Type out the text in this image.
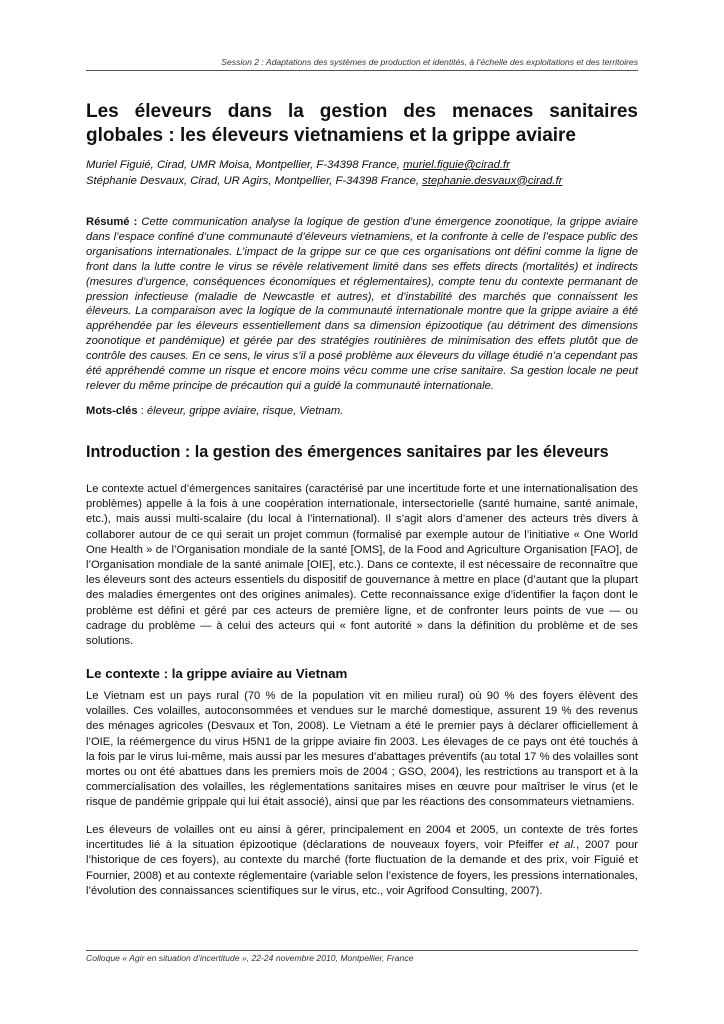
Session 2 : Adaptations des systèmes de production et identités, à l’échelle des exploitations et des territoires
Les éleveurs dans la gestion des menaces sanitaires globales : les éleveurs vietnamiens et la grippe aviaire
Muriel Figuié, Cirad, UMR Moisa, Montpellier, F-34398 France, muriel.figuie@cirad.fr
Stéphanie Desvaux, Cirad, UR Agirs, Montpellier, F-34398 France, stephanie.desvaux@cirad.fr
Résumé : Cette communication analyse la logique de gestion d’une émergence zoonotique, la grippe aviaire dans l’espace confiné d’une communauté d’éleveurs vietnamiens, et la confronte à celle de l’espace public des organisations internationales. L’impact de la grippe sur ce que ces organisations ont défini comme la ligne de front dans la lutte contre le virus se révèle relativement limité dans ses effets directs (mortalités) et indirects (mesures d’urgence, conséquences économiques et réglementaires), compte tenu du contexte permanant de pression infectieuse (maladie de Newcastle et autres), et d’instabilité des marchés que connaissent les éleveurs. La comparaison avec la logique de la communauté internationale montre que la grippe aviaire a été appréhendée par les éleveurs essentiellement dans sa dimension épizootique (au détriment des dimensions zoonotique et pandémique) et gérée par des stratégies routinières de minimisation des effets plutôt que de contrôle des causes. En ce sens, le virus s’il a posé problème aux éleveurs du village étudié n’a cependant pas été appréhendé comme un risque et encore moins vécu comme une crise sanitaire. Sa gestion locale ne peut relever du même principe de précaution qui a guidé la communauté internationale.
Mots-clés : éleveur, grippe aviaire, risque, Vietnam.
Introduction : la gestion des émergences sanitaires par les éleveurs

Le contexte actuel d’émergences sanitaires (caractérisé par une incertitude forte et une internationalisation des problèmes) appelle à la fois à une coopération internationale, intersectorielle (santé humaine, santé animale, etc.), mais aussi multi-scalaire (du local à l’international). Il s’agit alors d’amener des acteurs très divers à collaborer autour de ce qui serait un projet commun (formalisé par exemple autour de l’initiative « One World One Health » de l’Organisation mondiale de la santé [OMS], de la Food and Agriculture Organisation [FAO], de l’Organisation mondiale de la santé animale [OIE], etc.). Dans ce contexte, il est nécessaire de reconnaître que les éleveurs sont des acteurs essentiels du dispositif de gouvernance à mettre en place (d’autant que la plupart des maladies émergentes ont des origines animales). Cette reconnaissance exige d’identifier la façon dont le problème est défini et géré par ces acteurs de première ligne, et de confronter leurs points de vue — ou cadrage du problème — à celui des acteurs qui « font autorité » dans la définition du problème et de ses solutions.

Le contexte : la grippe aviaire au Vietnam

Le Vietnam est un pays rural (70 % de la population vit en milieu rural) où 90 % des foyers élèvent des volailles. Ces volailles, autoconsommées et vendues sur le marché domestique, assurent 19 % des revenus des ménages agricoles (Desvaux et Ton, 2008). Le Vietnam a été le premier pays à déclarer officiellement à l’OIE, la réémergence du virus H5N1 de la grippe aviaire fin 2003. Les élevages de ce pays ont été touchés à la fois par le virus lui-même, mais aussi par les mesures d’abattages préventifs (au total 17 % des volailles sont mortes ou ont été abattues dans les premiers mois de 2004 ; GSO, 2004), les restrictions au transport et à la commercialisation des volailles, les réglementations sanitaires mises en œuvre pour maîtriser le virus (et le risque de pandémie grippale qui lui était associé), ainsi que par les réactions des consommateurs vietnamiens.

Les éleveurs de volailles ont eu ainsi à gérer, principalement en 2004 et 2005, un contexte de très fortes incertitudes lié à la situation épizootique (déclarations de nouveaux foyers, voir Pfeiffer et al., 2007 pour l’historique de ces foyers), au contexte du marché (forte fluctuation de la demande et des prix, voir Figuié et Fournier, 2008) et au contexte réglementaire (variable selon l’existence de foyers, les pressions internationales, l’évolution des connaissances scientifiques sur le virus, etc., voir Agrifood Consulting, 2007).

Colloque « Agir en situation d’incertitude », 22-24 novembre 2010, Montpellier, France
